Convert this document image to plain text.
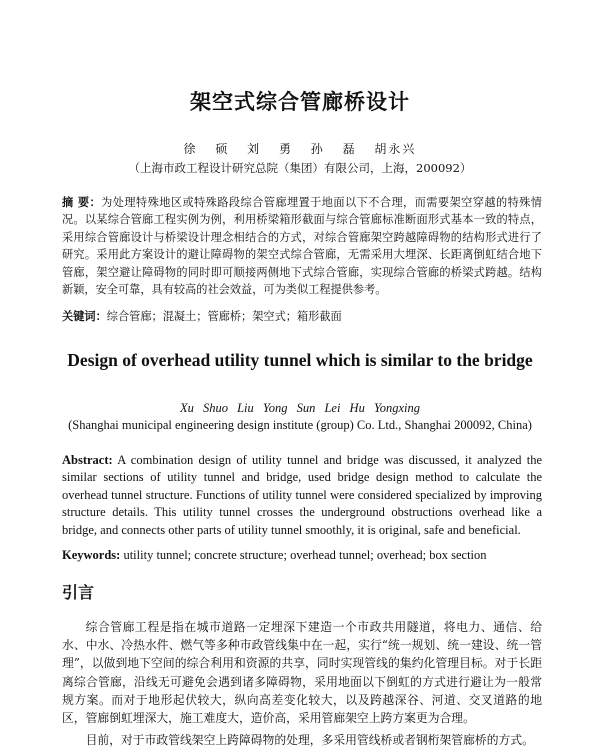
架空式综合管廊桥设计
徐 硕 刘 勇 孙 磊 胡永兴
（上海市政工程设计研究总院（集团）有限公司，上海，200092）
摘 要：为处理特殊地区或特殊路段综合管廊埋置于地面以下不合理，而需要架空穿越的特殊情况。以某综合管廊工程实例为例，利用桥梁箱形截面与综合管廊标准断面形式基本一致的特点，采用综合管廊设计与桥梁设计理念相结合的方式，对综合管廊架空跨越障碍物的结构形式进行了研究。采用此方案设计的避让障碍物的架空式综合管廊，无需采用大埋深、长距离倒虹结合地下管廊，架空避让障碍物的同时即可顺接两侧地下式综合管廊，实现综合管廊的桥梁式跨越。结构新颖，安全可靠，具有较高的社会效益，可为类似工程提供参考。
关键词：综合管廊；混凝土；管廊桥；架空式；箱形截面
Design of overhead utility tunnel which is similar to the bridge
Xu Shuo Liu Yong Sun Lei Hu Yongxing
(Shanghai municipal engineering design institute (group) Co. Ltd., Shanghai 200092, China)
Abstract: A combination design of utility tunnel and bridge was discussed, it analyzed the similar sections of utility tunnel and bridge, used bridge design method to calculate the overhead tunnel structure. Functions of utility tunnel were considered specialized by improving structure details. This utility tunnel crosses the underground obstructions overhead like a bridge, and connects other parts of utility tunnel smoothly, it is original, safe and beneficial.
Keywords: utility tunnel; concrete structure; overhead tunnel; overhead; box section
引言

综合管廊工程是指在城市道路一定埋深下建造一个市政共用隧道，将电力、通信、给水、中水、冷热水件、燃气等多种市政管线集中在一起，实行“统一规划、统一建设、统一管理”，以做到地下空间的综合利用和资源的共享，同时实现管线的集约化管理目标。对于长距离综合管廊，沿线无可避免会遇到诸多障碍物，采用地面以下倒虹的方式进行避让为一般常规方案。而对于地形起伏较大，纵向高差变化较大，以及跨越深谷、河道、交叉道路的地区，管廊倒虹埋深大，施工难度大，造价高，采用管廊架空上跨方案更为合理。

目前，对于市政管线架空上跨障碍物的处理，多采用管线桥或者钢桁架管廊桥的方式。
